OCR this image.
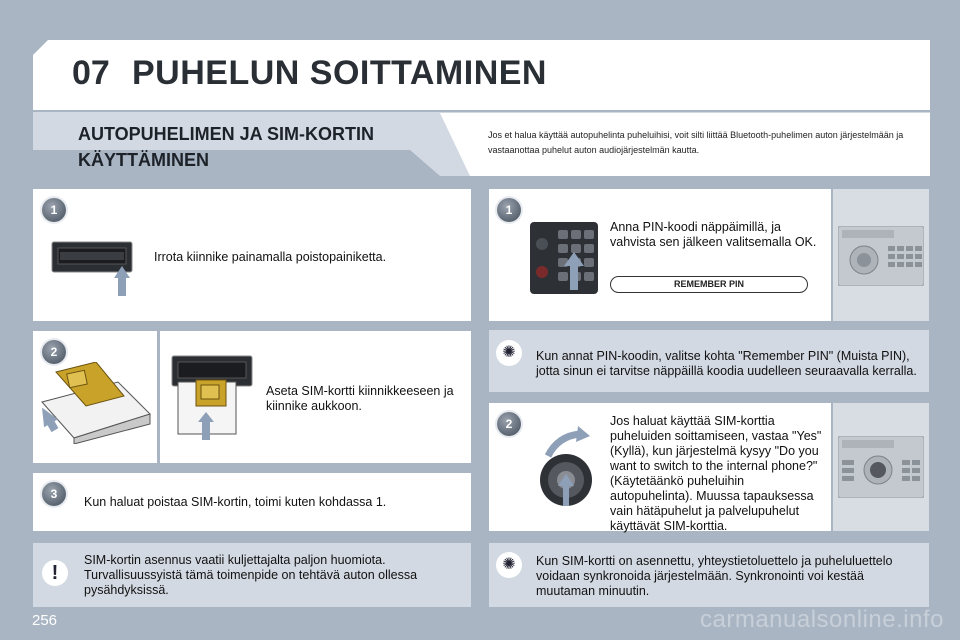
07 PUHELUN SOITTAMINEN
AUTOPUHELIMEN JA SIM-KORTIN
KÄYTTÄMINEN
Jos et halua käyttää autopuhelinta puheluihisi, voit silti liittää Bluetooth-puhelimen auton järjestelmään ja vastaanottaa puhelut auton audiojärjestelmän kautta.
1
Irrota kiinnike painamalla poistopainiketta.
2
Aseta SIM-kortti kiinnikkeeseen ja kiinnike aukkoon.
3
Kun haluat poistaa SIM-kortin, toimi kuten kohdassa 1.
!
SIM-kortin asennus vaatii kuljettajalta paljon huomiota. Turvallisuussyistä tämä toimenpide on tehtävä auton ollessa pysähdyksissä.
1
Anna PIN-koodi näppäimillä, ja vahvista sen jälkeen valitsemalla OK.
REMEMBER PIN
✺	Kun annat PIN-koodin, valitse kohta "Remember PIN" (Muista PIN), jotta sinun ei tarvitse näppäillä koodia uudelleen seuraavalla kerralla.
2	Jos haluat käyttää SIM-korttia puheluiden soittamiseen, vastaa "Yes" (Kyllä), kun järjestelmä kysyy "Do you want to switch to the internal phone?" (Käytetäänkö puheluihin autopuhelinta). Muussa tapauksessa vain hätäpuhelut ja palvelupuhelut käyttävät SIM-korttia.
✺	Kun SIM-kortti on asennettu, yhteystietoluettelo ja puheluluettelo voidaan synkronoida järjestelmään. Synkronointi voi kestää muutaman minuutin.
256	carmanualsonline.info
